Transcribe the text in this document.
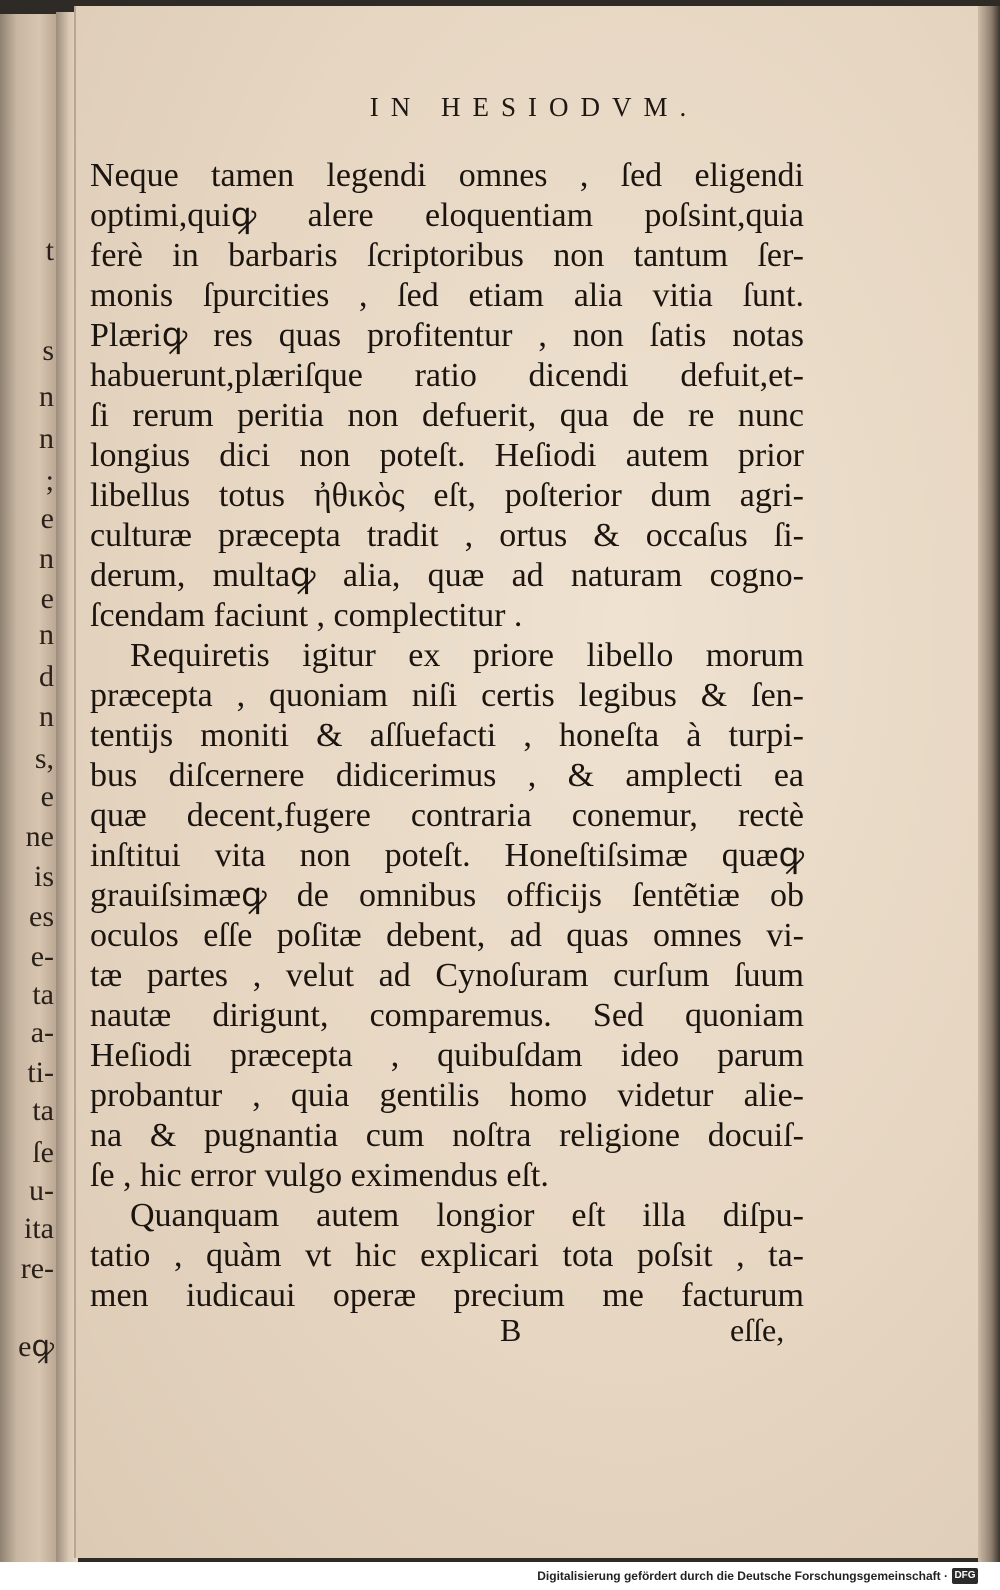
t
s
n
n
;
e
n
e
n
d
n
s,
e
ne
is
es
e-
ta
a-
ti-
ta
ſe
u-
ita
re-
eꝙ
IN HESIODVM.
Neque tamen legendi omnes , ſed eligendi
optimi,quiꝙ alere eloquentiam poſsint,quia
ferè in barbaris ſcriptoribus non tantum ſer-
monis ſpurcities , ſed etiam alia vitia ſunt.
Plæriꝙ res quas profitentur , non ſatis notas
habuerunt,plæriſque ratio dicendi defuit,et-
ſi rerum peritia non defuerit, qua de re nunc
longius dici non poteſt. Heſiodi autem prior
libellus totus ἠθικὸς eſt, poſterior dum agri-
culturæ præcepta tradit , ortus & occaſus ſi-
derum, multaꝙ alia, quæ ad naturam cogno-
ſcendam faciunt , complectitur .
Requiretis igitur ex priore libello morum
præcepta , quoniam niſi certis legibus & ſen-
tentijs moniti & aſſuefacti , honeſta à turpi-
bus diſcernere didicerimus , & amplecti ea
quæ decent,fugere contraria conemur, rectè
inſtitui vita non poteſt. Honeſtiſsimæ quæꝙ
grauiſsimæꝙ de omnibus officijs ſentẽtiæ ob
oculos eſſe poſitæ debent, ad quas omnes vi-
tæ partes , velut ad Cynoſuram curſum ſuum
nautæ dirigunt, comparemus. Sed quoniam
Heſiodi præcepta , quibuſdam ideo parum
probantur , quia gentilis homo videtur alie-
na & pugnantia cum noſtra religione docuiſ-
ſe , hic error vulgo eximendus eſt.
Quanquam autem longior eſt illa diſpu-
tatio , quàm vt hic explicari tota poſsit , ta-
men iudicaui operæ precium me facturum
B	eſſe,
Digitalisierung gefördert durch die Deutsche Forschungsgemeinschaft · DFG
